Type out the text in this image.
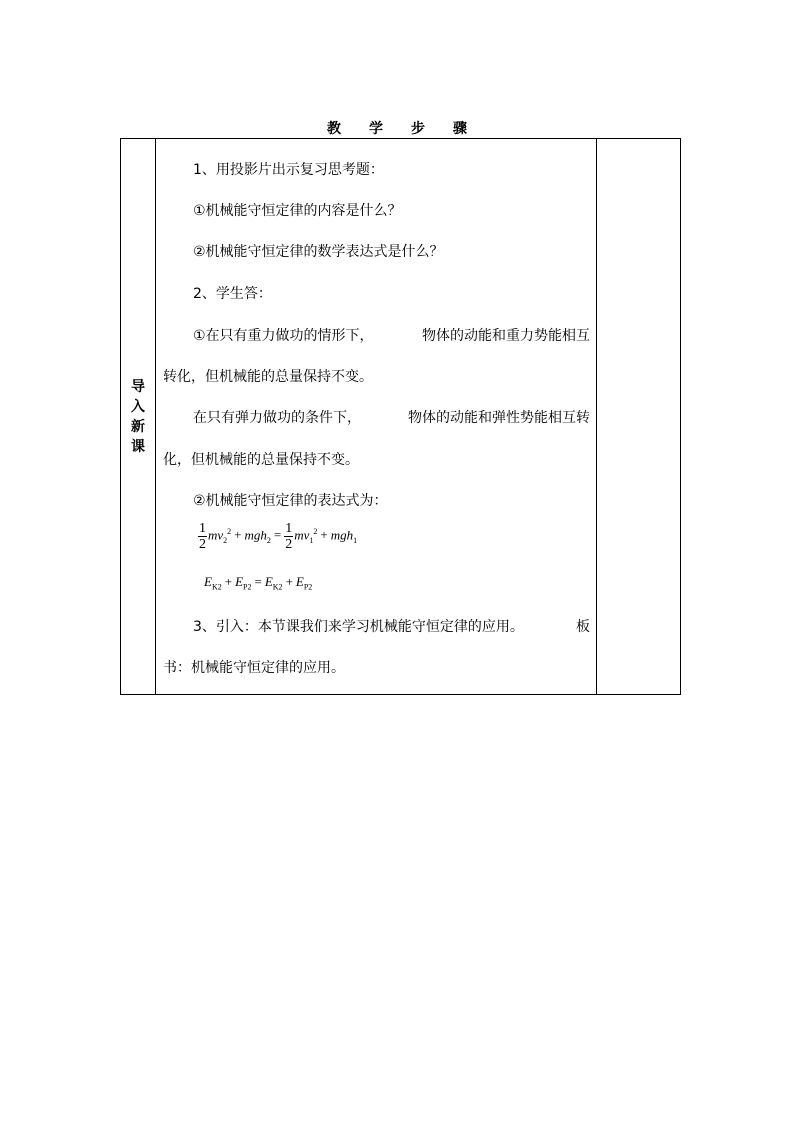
教 学 步 骤
导
入
新
课
1、用投影片出示复习思考题：
①机械能守恒定律的内容是什么？
②机械能守恒定律的数学表达式是什么？
2、学生答：
①在只有重力做功的情形下，	物体的动能和重力势能相互
转化，但机械能的总量保持不变。
在只有弹力做功的条件下，	物体的动能和弹性势能相互转
化，但机械能的总量保持不变。
②机械能守恒定律的表达式为：
$\frac{1}{2} mv_2^2 + mgh_2 = \frac{1}{2} mv_1^2 + mgh_1$
$E_{K2} + E_{P2} = E_{K2} + E_{P2}$
3、引入：本节课我们来学习机械能守恒定律的应用。	板
书：机械能守恒定律的应用。
